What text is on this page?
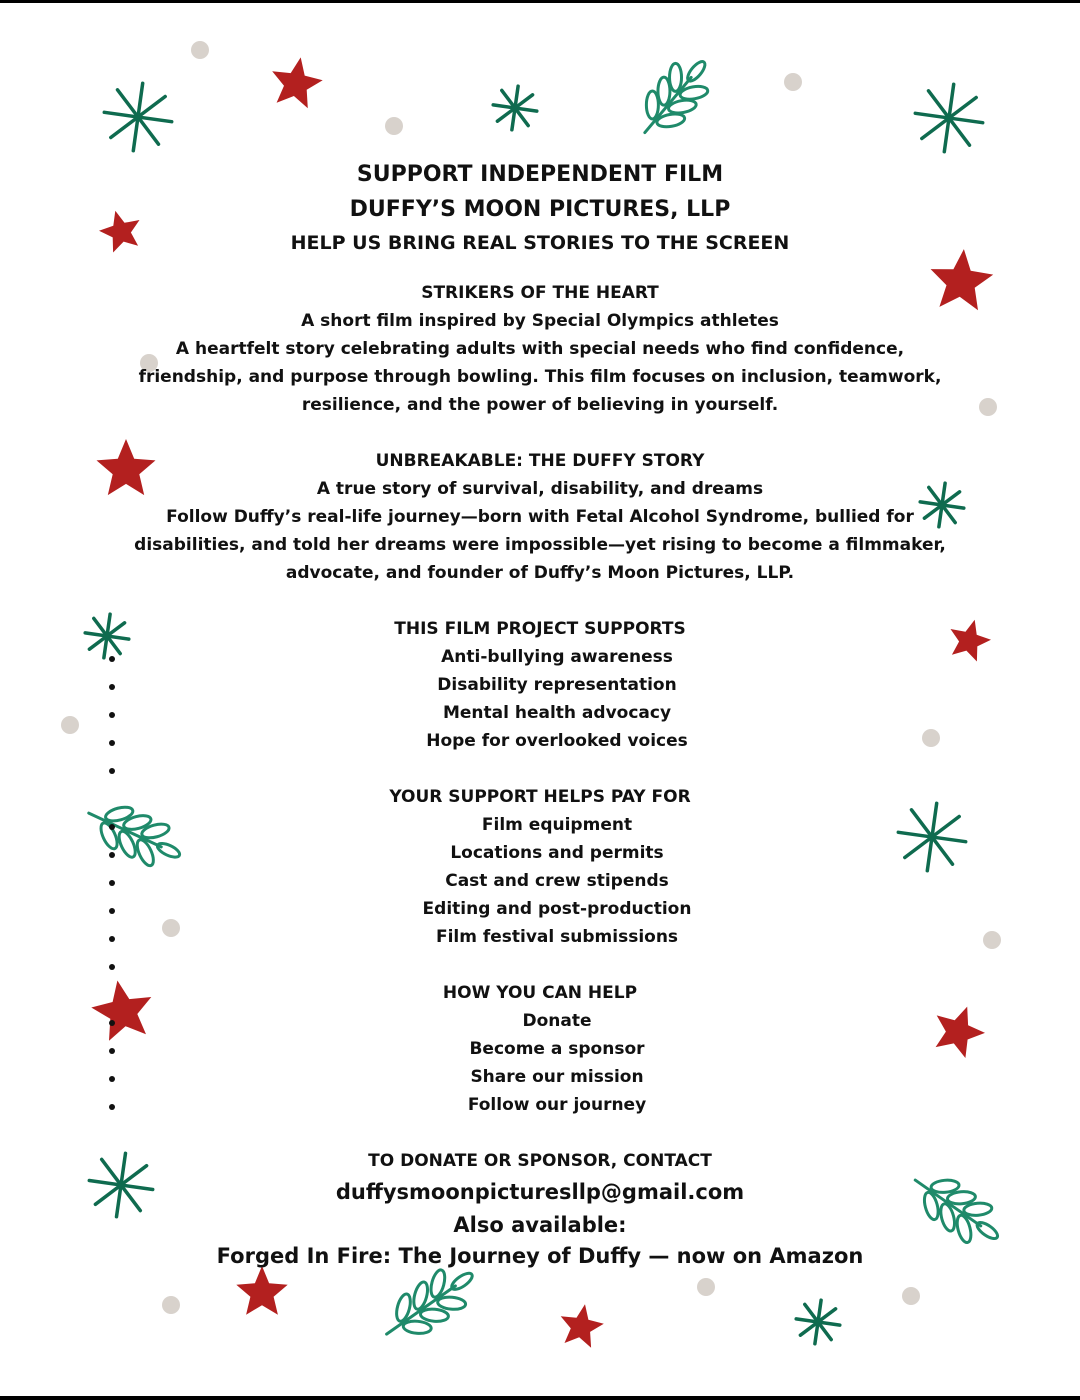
SUPPORT INDEPENDENT FILM
DUFFY’S MOON PICTURES, LLP
HELP US BRING REAL STORIES TO THE SCREEN
STRIKERS OF THE HEART
A short film inspired by Special Olympics athletes
A heartfelt story celebrating adults with special needs who find confidence,
friendship, and purpose through bowling. This film focuses on inclusion, teamwork,
resilience, and the power of believing in yourself.
UNBREAKABLE: THE DUFFY STORY
A true story of survival, disability, and dreams
Follow Duffy’s real-life journey—born with Fetal Alcohol Syndrome, bullied for
disabilities, and told her dreams were impossible—yet rising to become a filmmaker,
advocate, and founder of Duffy’s Moon Pictures, LLP.
THIS FILM PROJECT SUPPORTS
Anti-bullying awareness
Disability representation
Mental health advocacy
Hope for overlooked voices
YOUR SUPPORT HELPS PAY FOR
Film equipment
Locations and permits
Cast and crew stipends
Editing and post-production
Film festival submissions
HOW YOU CAN HELP
Donate
Become a sponsor
Share our mission
Follow our journey
TO DONATE OR SPONSOR, CONTACT
duffysmoonpicturesllp@gmail.com
Also available:
Forged In Fire: The Journey of Duffy — now on Amazon
